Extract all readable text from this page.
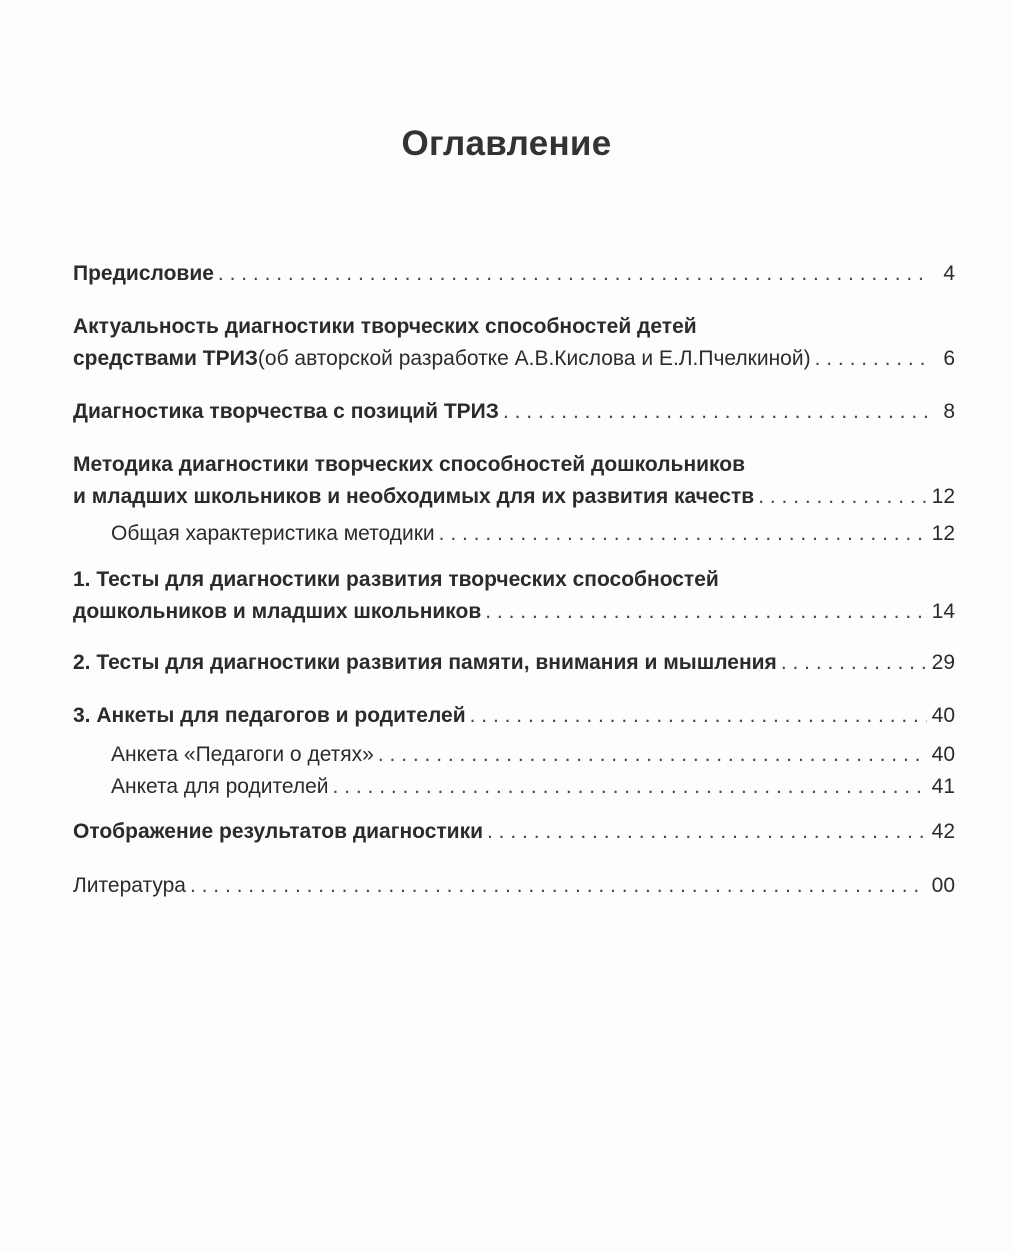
Оглавление
Предисловие . . .	4
Актуальность диагностики творческих способностей детей
средствами ТРИЗ (об авторской разработке А.В.Кислова и Е.Л.Пчелкиной) . . .	6
Диагностика творчества с позиций ТРИЗ . . .	8
Методика диагностики творческих способностей дошкольников
и младших школьников и необходимых для их развития качеств . . .	12
Общая характеристика методики . . .	12
1. Тесты для диагностики развития творческих способностей
дошкольников и младших школьников . . .	14
2. Тесты для диагностики развития памяти, внимания и мышления . . .	29
3. Анкеты для педагогов и родителей . . .	40
Анкета «Педагоги о детях» . . .	40
Анкета для родителей . . .	41
Отображение результатов диагностики . . .	42
Литература . . .	00
